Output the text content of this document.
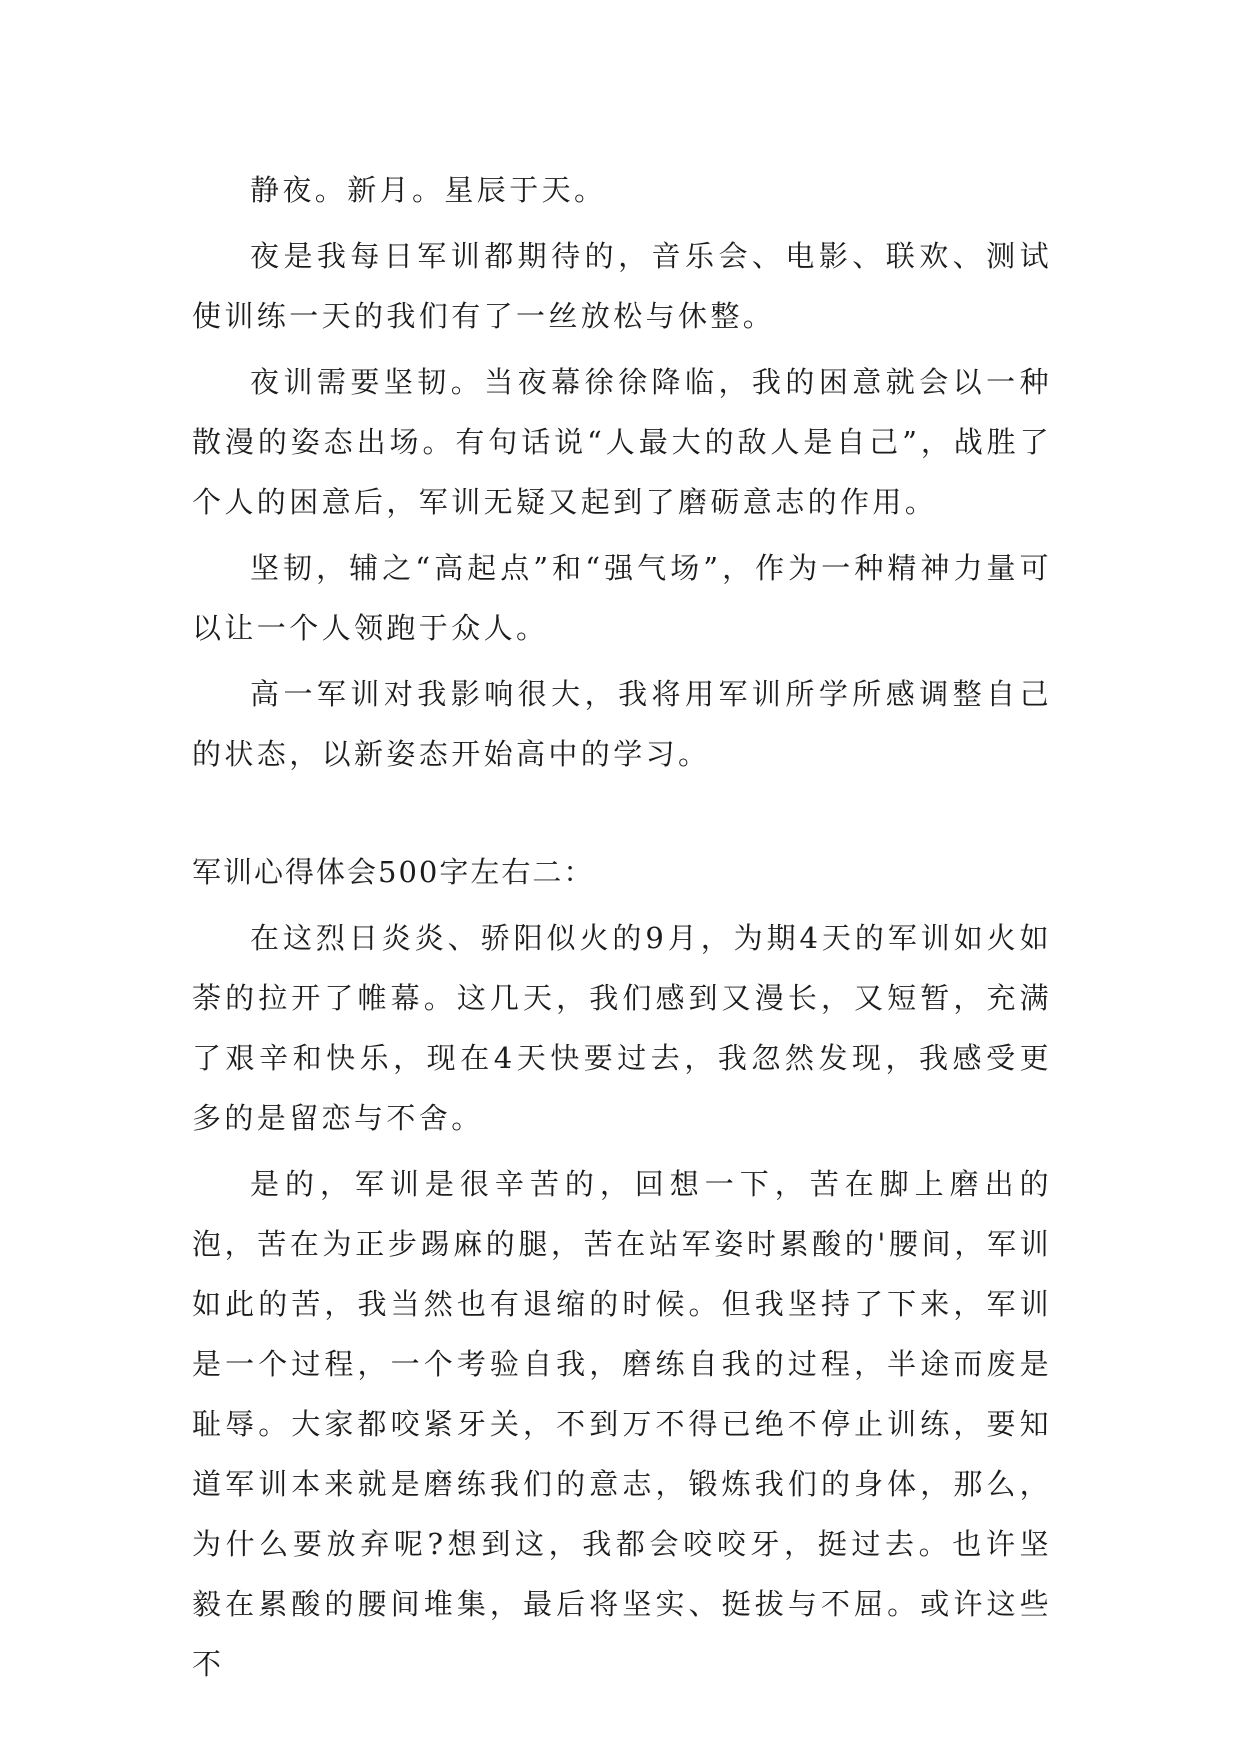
静夜。新月。星辰于天。

夜是我每日军训都期待的，音乐会、电影、联欢、测试使训练一天的我们有了一丝放松与休整。

夜训需要坚韧。当夜幕徐徐降临，我的困意就会以一种散漫的姿态出场。有句话说“人最大的敌人是自己”，战胜了个人的困意后，军训无疑又起到了磨砺意志的作用。

坚韧，辅之“高起点”和“强气场”，作为一种精神力量可以让一个人领跑于众人。

高一军训对我影响很大，我将用军训所学所感调整自己的状态，以新姿态开始高中的学习。

军训心得体会500字左右二：

在这烈日炎炎、骄阳似火的9月，为期4天的军训如火如荼的拉开了帷幕。这几天，我们感到又漫长，又短暂，充满了艰辛和快乐，现在4天快要过去，我忽然发现，我感受更多的是留恋与不舍。

是的，军训是很辛苦的，回想一下，苦在脚上磨出的泡，苦在为正步踢麻的腿，苦在站军姿时累酸的'腰间，军训如此的苦，我当然也有退缩的时候。但我坚持了下来，军训是一个过程，一个考验自我，磨练自我的过程，半途而废是耻辱。大家都咬紧牙关，不到万不得已绝不停止训练，要知道军训本来就是磨练我们的意志，锻炼我们的身体，那么，为什么要放弃呢?想到这，我都会咬咬牙，挺过去。也许坚毅在累酸的腰间堆集，最后将坚实、挺拔与不屈。或许这些不
